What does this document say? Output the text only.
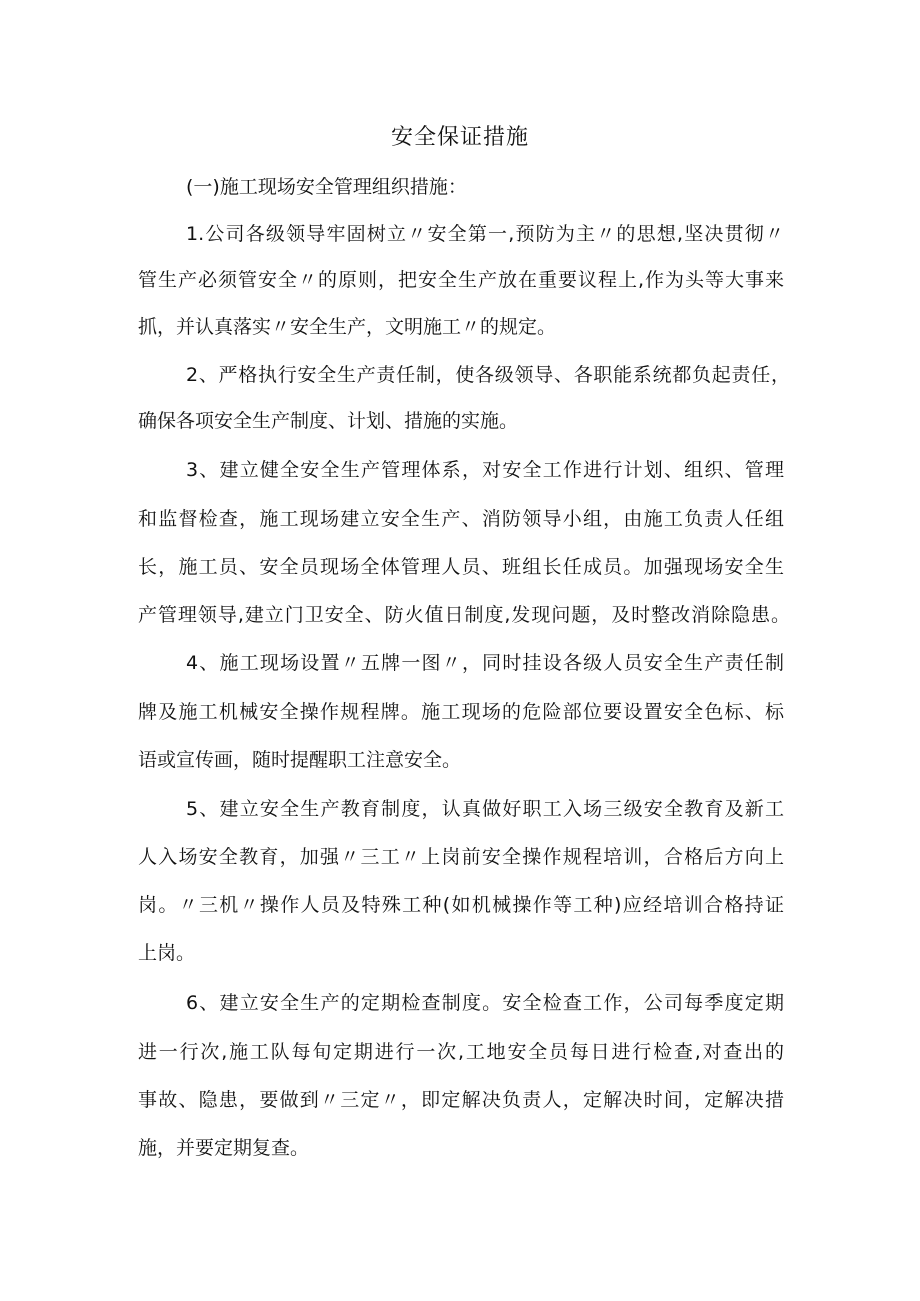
安全保证措施
(一)施工现场安全管理组织措施：
1.公司各级领导牢固树立〃安全第一,预防为主〃的思想,坚决贯彻〃
管生产必须管安全〃的原则，把安全生产放在重要议程上,作为头等大事来
抓，并认真落实〃安全生产，文明施工〃的规定。
2、严格执行安全生产责任制，使各级领导、各职能系统都负起责任，
确保各项安全生产制度、计划、措施的实施。
3、建立健全安全生产管理体系，对安全工作进行计划、组织、管理
和监督检查，施工现场建立安全生产、消防领导小组，由施工负责人任组
长，施工员、安全员现场全体管理人员、班组长任成员。加强现场安全生
产管理领导,建立门卫安全、防火值日制度,发现问题，及时整改消除隐患。
4、施工现场设置〃五牌一图〃，同时挂设各级人员安全生产责任制
牌及施工机械安全操作规程牌。施工现场的危险部位要设置安全色标、标
语或宣传画，随时提醒职工注意安全。
5、建立安全生产教育制度，认真做好职工入场三级安全教育及新工
人入场安全教育，加强〃三工〃上岗前安全操作规程培训，合格后方向上
岗。〃三机〃操作人员及特殊工种(如机械操作等工种)应经培训合格持证
上岗。
6、建立安全生产的定期检查制度。安全检查工作，公司每季度定期
进一行次,施工队每旬定期进行一次,工地安全员每日进行检查,对查出的
事故、隐患，要做到〃三定〃，即定解决负责人，定解决时间，定解决措
施，并要定期复查。
